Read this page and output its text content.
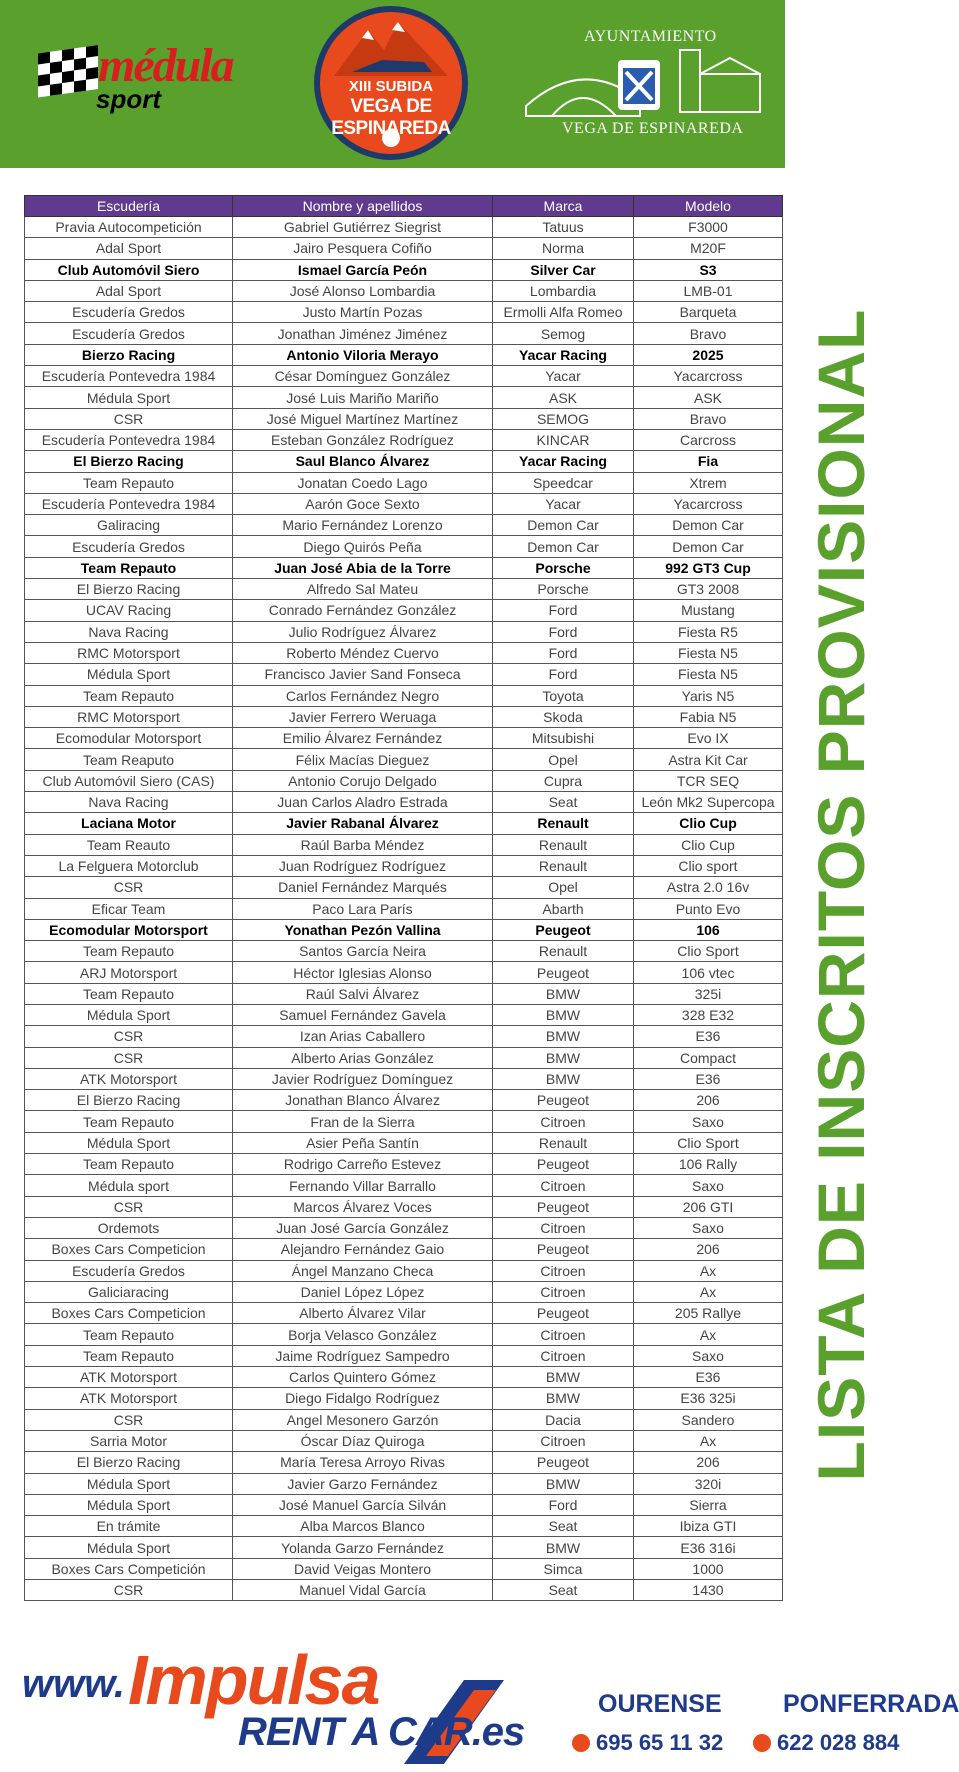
médula
sport	XIII SUBIDA
VEGA DE ESPINAREDA
AYUNTAMIENTO
VEGA DE ESPINAREDA
LISTA DE INSCRITOS PROVISIONAL
Escudería	Nombre y apellidos	Marca	Modelo
Pravia Autocompetición	Gabriel Gutiérrez Siegrist	Tatuus	F3000
Adal Sport	Jairo Pesquera Cofiño	Norma	M20F
Club Automóvil Siero	Ismael García Peón	Silver Car	S3
Adal Sport	José Alonso Lombardia	Lombardia	LMB-01
Escudería Gredos	Justo Martín Pozas	Ermolli Alfa Romeo	Barqueta
Escudería Gredos	Jonathan Jiménez Jiménez	Semog	Bravo
Bierzo Racing	Antonio Viloria Merayo	Yacar Racing	2025
Escudería Pontevedra 1984	César Domínguez González	Yacar	Yacarcross
Médula Sport	José Luis Mariño Mariño	ASK	ASK
CSR	José Miguel Martínez Martínez	SEMOG	Bravo
Escudería Pontevedra 1984	Esteban González Rodríguez	KINCAR	Carcross
El Bierzo Racing	Saul Blanco Álvarez	Yacar Racing	Fia
Team Repauto	Jonatan Coedo Lago	Speedcar	Xtrem
Escudería Pontevedra 1984	Aarón Goce Sexto	Yacar	Yacarcross
Galiracing	Mario Fernández Lorenzo	Demon Car	Demon Car
Escudería Gredos	Diego Quirós Peña	Demon Car	Demon Car
Team Repauto	Juan José Abia de la Torre	Porsche	992 GT3 Cup
El Bierzo Racing	Alfredo Sal Mateu	Porsche	GT3 2008
UCAV Racing	Conrado Fernández González	Ford	Mustang
Nava Racing	Julio Rodríguez Álvarez	Ford	Fiesta R5
RMC Motorsport	Roberto Méndez Cuervo	Ford	Fiesta N5
Médula Sport	Francisco Javier Sand Fonseca	Ford	Fiesta N5
Team Repauto	Carlos Fernández Negro	Toyota	Yaris N5
RMC Motorsport	Javier Ferrero Weruaga	Skoda	Fabia N5
Ecomodular Motorsport	Emilio Álvarez Fernández	Mitsubishi	Evo IX
Team Reaputo	Félix Macías Dieguez	Opel	Astra Kit Car
Club Automóvil Siero (CAS)	Antonio Corujo Delgado	Cupra	TCR SEQ
Nava Racing	Juan Carlos Aladro Estrada	Seat	León Mk2 Supercopa
Laciana Motor	Javier Rabanal Álvarez	Renault	Clio Cup
Team Reauto	Raúl Barba Méndez	Renault	Clio Cup
La Felguera Motorclub	Juan Rodríguez Rodríguez	Renault	Clio sport
CSR	Daniel Fernández Marqués	Opel	Astra 2.0 16v
Eficar Team	Paco Lara París	Abarth	Punto Evo
Ecomodular Motorsport	Yonathan Pezón Vallina	Peugeot	106
Team Repauto	Santos García Neira	Renault	Clio Sport
ARJ Motorsport	Héctor Iglesias Alonso	Peugeot	106 vtec
Team Repauto	Raúl Salvi Álvarez	BMW	325i
Médula Sport	Samuel Fernández Gavela	BMW	328 E32
CSR	Izan Arias Caballero	BMW	E36
CSR	Alberto Arias González	BMW	Compact
ATK Motorsport	Javier Rodríguez Domínguez	BMW	E36
El Bierzo Racing	Jonathan Blanco Álvarez	Peugeot	206
Team Repauto	Fran de la Sierra	Citroen	Saxo
Médula Sport	Asier Peña Santín	Renault	Clio Sport
Team Repauto	Rodrigo Carreño Estevez	Peugeot	106 Rally
Médula sport	Fernando Villar Barrallo	Citroen	Saxo
CSR	Marcos Álvarez Voces	Peugeot	206 GTI
Ordemots	Juan José García González	Citroen	Saxo
Boxes Cars Competicion	Alejandro Fernández Gaio	Peugeot	206
Escudería Gredos	Ángel Manzano Checa	Citroen	Ax
Galiciaracing	Daniel López López	Citroen	Ax
Boxes Cars Competicion	Alberto Álvarez Vilar	Peugeot	205 Rallye
Team Repauto	Borja Velasco González	Citroen	Ax
Team Repauto	Jaime Rodríguez Sampedro	Citroen	Saxo
ATK Motorsport	Carlos Quintero Gómez	BMW	E36
ATK Motorsport	Diego Fidalgo Rodríguez	BMW	E36 325i
CSR	Angel Mesonero Garzón	Dacia	Sandero
Sarria Motor	Óscar Díaz Quiroga	Citroen	Ax
El Bierzo Racing	María Teresa Arroyo Rivas	Peugeot	206
Médula Sport	Javier Garzo Fernández	BMW	320i
Médula Sport	José Manuel García Silván	Ford	Sierra
En trámite	Alba Marcos Blanco	Seat	Ibiza GTI
Médula Sport	Yolanda Garzo Fernández	BMW	E36 316i
Boxes Cars Competición	David Veigas Montero	Simca	1000
CSR	Manuel Vidal García	Seat	1430
www. Impulsa
RENT A CAR.es
OURENSE
695 65 11 32
PONFERRADA
622 028 884
